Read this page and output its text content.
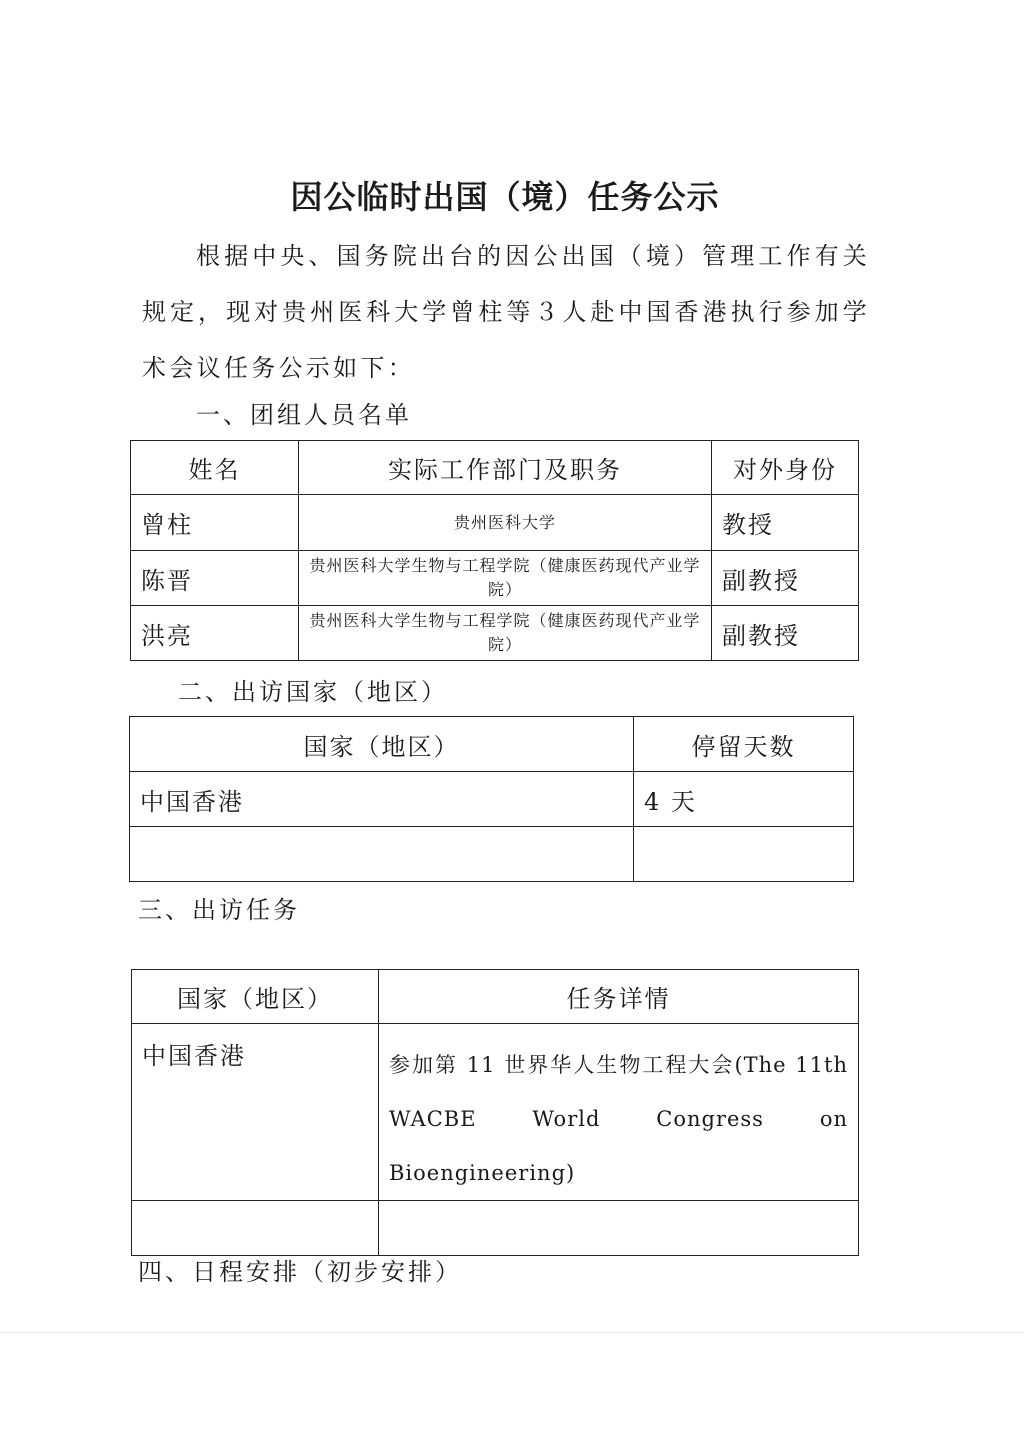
因公临时出国（境）任务公示
根据中央、国务院出台的因公出国（境）管理工作有关规定，现对贵州医科大学曾柱等３人赴中国香港执行参加学术会议任务公示如下：
一、团组人员名单
姓名	实际工作部门及职务	对外身份
曾柱	贵州医科大学	教授
陈晋	贵州医科大学生物与工程学院（健康医药现代产业学院）	副教授
洪亮	贵州医科大学生物与工程学院（健康医药现代产业学院）	副教授
二、出访国家（地区）
国家（地区）	停留天数
中国香港	4 天

三、出访任务
国家（地区）	任务详情
中国香港	参加第 11 世界华人生物工程大会(The 11th WACBE World Congress on Bioengineering)

四、日程安排（初步安排）
